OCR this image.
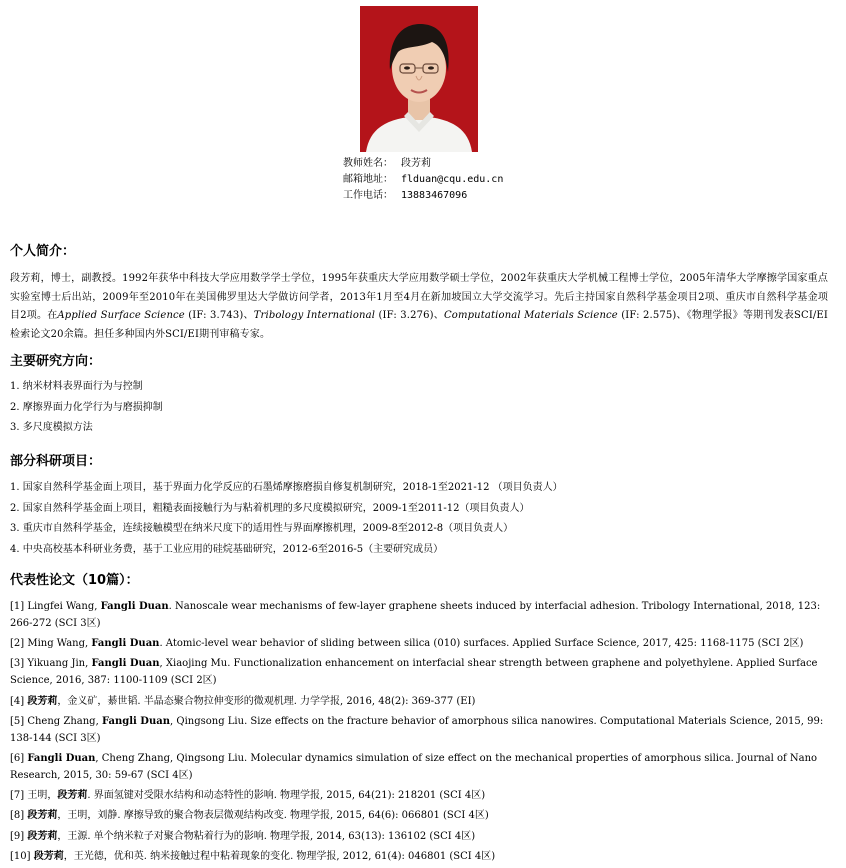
教师姓名： 段芳莉
邮箱地址： flduan@cqu.edu.cn
工作电话： 13883467096
个人简介：
段芳莉，博士，副教授。1992年获华中科技大学应用数学学士学位，1995年获重庆大学应用数学硕士学位，2002年获重庆大学机械工程博士学位，2005年清华大学摩擦学国家重点实验室博士后出站，2009年至2010年在美国佛罗里达大学做访问学者，2013年1月至4月在新加坡国立大学交流学习。先后主持国家自然科学基金项目2项、重庆市自然科学基金项目2项。在Applied Surface Science (IF: 3.743)、Tribology International (IF: 3.276)、Computational Materials Science (IF: 2.575)、《物理学报》等期刊发表SCI/EI检索论文20余篇。担任多种国内外SCI/EI期刊审稿专家。
主要研究方向：
1. 纳米材料表界面行为与控制
2. 摩擦界面力化学行为与磨损抑制
3. 多尺度模拟方法
部分科研项目：
1. 国家自然科学基金面上项目，基于界面力化学反应的石墨烯摩擦磨损自修复机制研究，2018-1至2021-12 （项目负责人）
2. 国家自然科学基金面上项目，粗糙表面接触行为与粘着机理的多尺度模拟研究，2009-1至2011-12（项目负责人）
3. 重庆市自然科学基金，连续接触模型在纳米尺度下的适用性与界面摩擦机理，2009-8至2012-8（项目负责人）
4. 中央高校基本科研业务费，基于工业应用的硅烷基础研究，2012-6至2016-5（主要研究成员）
代表性论文（10篇）：
[1] Lingfei Wang, Fangli Duan. Nanoscale wear mechanisms of few-layer graphene sheets induced by interfacial adhesion. Tribology International, 2018, 123: 266-272 (SCI 3区)
[2] Ming Wang, Fangli Duan. Atomic-level wear behavior of sliding between silica (010) surfaces. Applied Surface Science, 2017, 425: 1168-1175 (SCI 2区)
[3] Yikuang Jin, Fangli Duan, Xiaojing Mu. Functionalization enhancement on interfacial shear strength between graphene and polyethylene. Applied Surface Science, 2016, 387: 1100-1109 (SCI 2区)
[4] 段芳莉，金义矿，綦世韬. 半晶态聚合物拉伸变形的微观机理. 力学学报, 2016, 48(2): 369-377 (EI)
[5] Cheng Zhang, Fangli Duan, Qingsong Liu. Size effects on the fracture behavior of amorphous silica nanowires. Computational Materials Science, 2015, 99: 138-144 (SCI 3区)
[6] Fangli Duan, Cheng Zhang, Qingsong Liu. Molecular dynamics simulation of size effect on the mechanical properties of amorphous silica. Journal of Nano Research, 2015, 30: 59-67 (SCI 4区)
[7] 王明，段芳莉. 界面氢键对受限水结构和动态特性的影响. 物理学报, 2015, 64(21): 218201 (SCI 4区)
[8] 段芳莉，王明，刘静. 摩擦导致的聚合物表层微观结构改变. 物理学报, 2015, 64(6): 066801 (SCI 4区)
[9] 段芳莉，王源. 单个纳米粒子对聚合物粘着行为的影响. 物理学报, 2014, 63(13): 136102 (SCI 4区)
[10] 段芳莉，王光德，优和英. 纳米接触过程中粘着现象的变化. 物理学报, 2012, 61(4): 046801 (SCI 4区)
